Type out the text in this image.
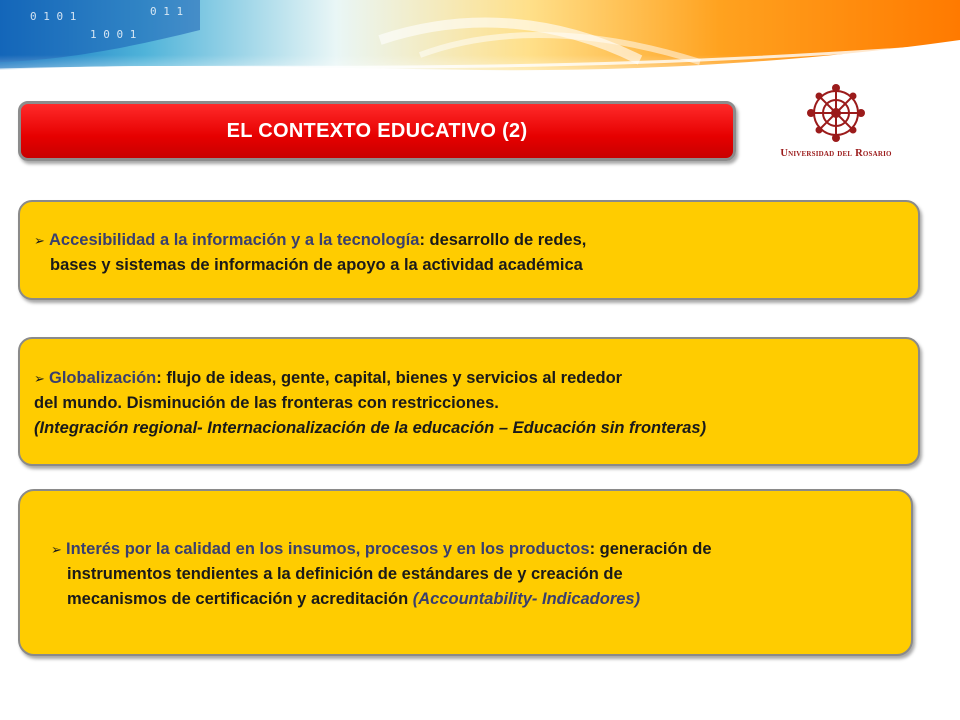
0 1 0 1
1 0 0 1
0 1 1
EL CONTEXTO EDUCATIVO (2)
Universidad del Rosario
➢ Accesibilidad a la información y a la tecnología: desarrollo de redes,
bases y sistemas de información de apoyo a la actividad académica
➢ Globalización: flujo de ideas, gente, capital, bienes y servicios al rededor
del mundo. Disminución de las fronteras con restricciones.
(Integración regional- Internacionalización de la educación – Educación sin fronteras)
➢ Interés por la calidad en los insumos, procesos y en los productos: generación de
instrumentos tendientes a la definición de estándares de y creación de
mecanismos de certificación y acreditación (Accountability- Indicadores)
